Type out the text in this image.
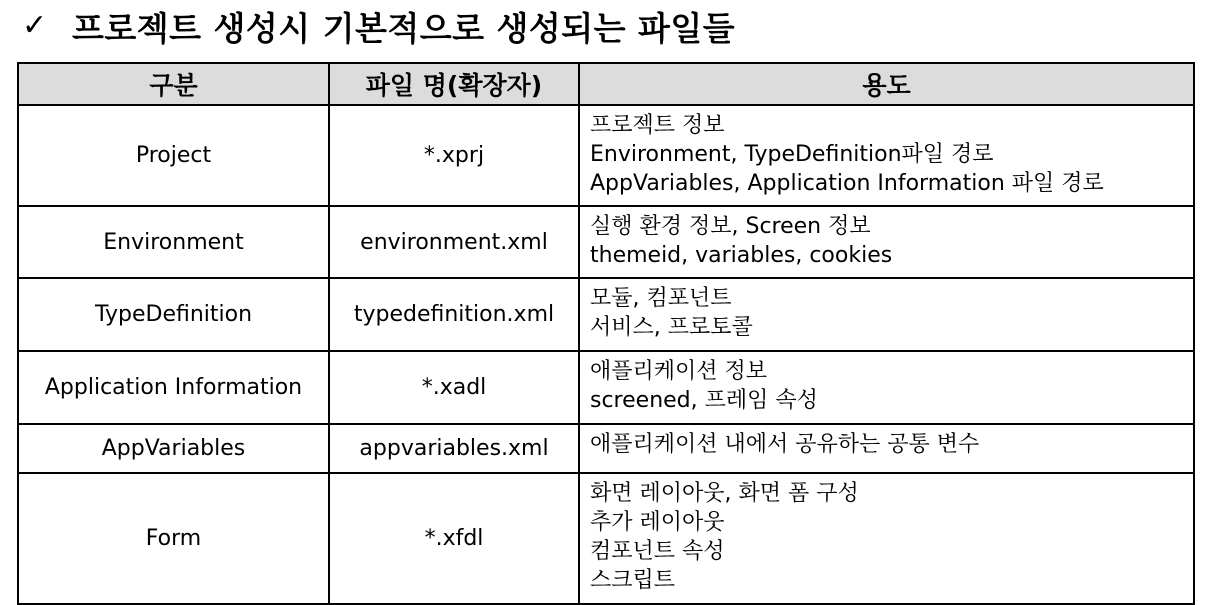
✓ 프로젝트 생성시 기본적으로 생성되는 파일들
구분	파일 명(확장자)	용도
Project	*.xprj	프로젝트 정보
Environment, TypeDefinition파일 경로
AppVariables, Application Information 파일 경로

Environment	environment.xml	실행 환경 정보, Screen 정보
themeid, variables, cookies

TypeDefinition	typedefinition.xml	모듈, 컴포넌트
서비스, 프로토콜

Application Information	*.xadl	애플리케이션 정보
screened, 프레임 속성

AppVariables	appvariables.xml	애플리케이션 내에서 공유하는 공통 변수

Form	*.xfdl	화면 레이아웃, 화면 폼 구성
추가 레이아웃
컴포넌트 속성
스크립트
